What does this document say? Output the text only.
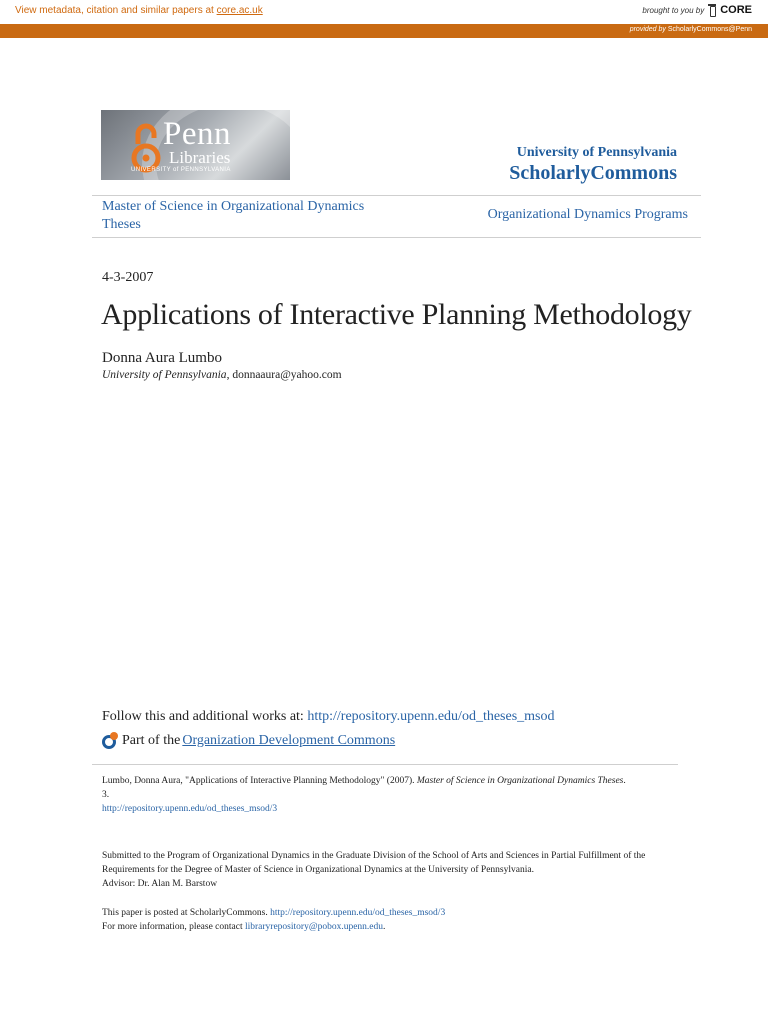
View metadata, citation and similar papers at core.ac.uk	brought to you by CORE
provided by ScholarlyCommons@Penn
Penn
Libraries
UNIVERSITY of PENNSYLVANIA
University of Pennsylvania
ScholarlyCommons
Master of Science in Organizational Dynamics
Theses
Organizational Dynamics Programs
4-3-2007
Applications of Interactive Planning Methodology
Donna Aura Lumbo
University of Pennsylvania, donnaaura@yahoo.com
Follow this and additional works at: http://repository.upenn.edu/od_theses_msod
Part of the Organization Development Commons
Lumbo, Donna Aura, "Applications of Interactive Planning Methodology" (2007). Master of Science in Organizational Dynamics Theses.
3.
http://repository.upenn.edu/od_theses_msod/3
Submitted to the Program of Organizational Dynamics in the Graduate Division of the School of Arts and Sciences in Partial Fulfillment of the
Requirements for the Degree of Master of Science in Organizational Dynamics at the University of Pennsylvania.
Advisor: Dr. Alan M. Barstow
This paper is posted at ScholarlyCommons. http://repository.upenn.edu/od_theses_msod/3
For more information, please contact libraryrepository@pobox.upenn.edu.
